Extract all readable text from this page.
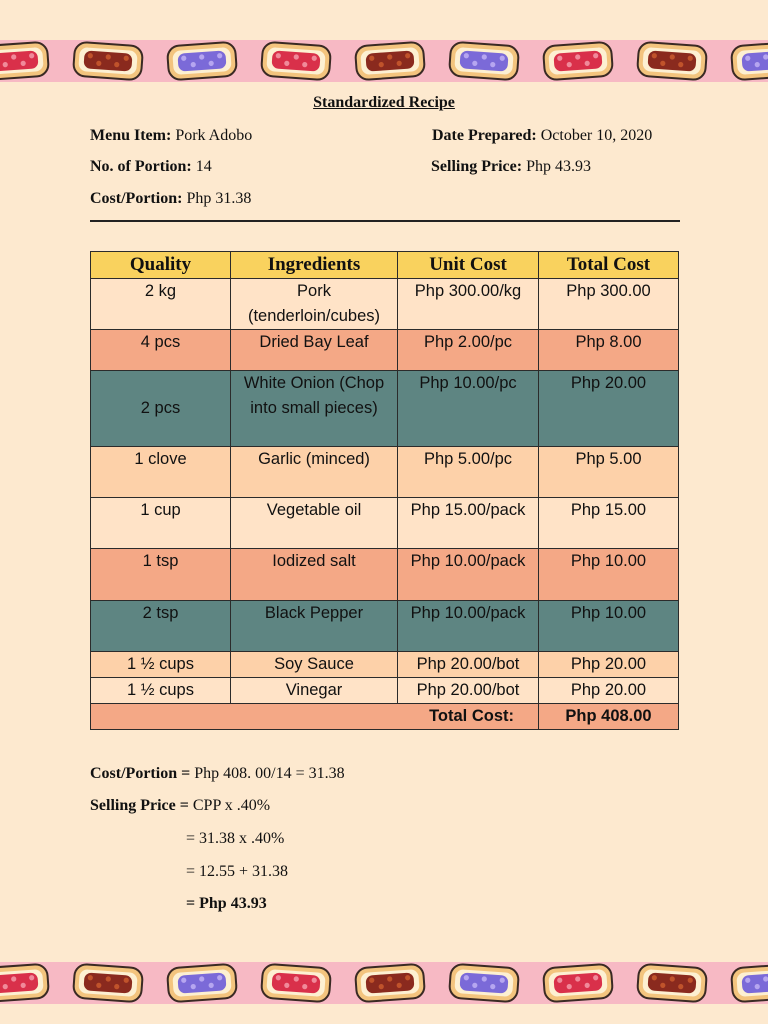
Standardized Recipe
Menu Item: Pork Adobo	Date Prepared: October 10, 2020
No. of Portion: 14	Selling Price: Php 43.93
Cost/Portion: Php 31.38
Quality	Ingredients	Unit Cost	Total Cost
2 kg	Pork (tenderloin/cubes)	Php 300.00/kg	Php 300.00
4 pcs	Dried Bay Leaf	Php 2.00/pc	Php 8.00
2 pcs	White Onion (Chop into small pieces)	Php 10.00/pc	Php 20.00
1 clove	Garlic (minced)	Php 5.00/pc	Php 5.00
1 cup	Vegetable oil	Php 15.00/pack	Php 15.00
1 tsp	Iodized salt	Php 10.00/pack	Php 10.00
2 tsp	Black Pepper	Php 10.00/pack	Php 10.00
1 ½ cups	Soy Sauce	Php 20.00/bot	Php 20.00
1 ½ cups	Vinegar	Php 20.00/bot	Php 20.00
Total Cost:			Php 408.00
Cost/Portion = Php 408. 00/14 = 31.38
Selling Price = CPP x .40%
= 31.38 x .40%
= 12.55 + 31.38
= Php 43.93
